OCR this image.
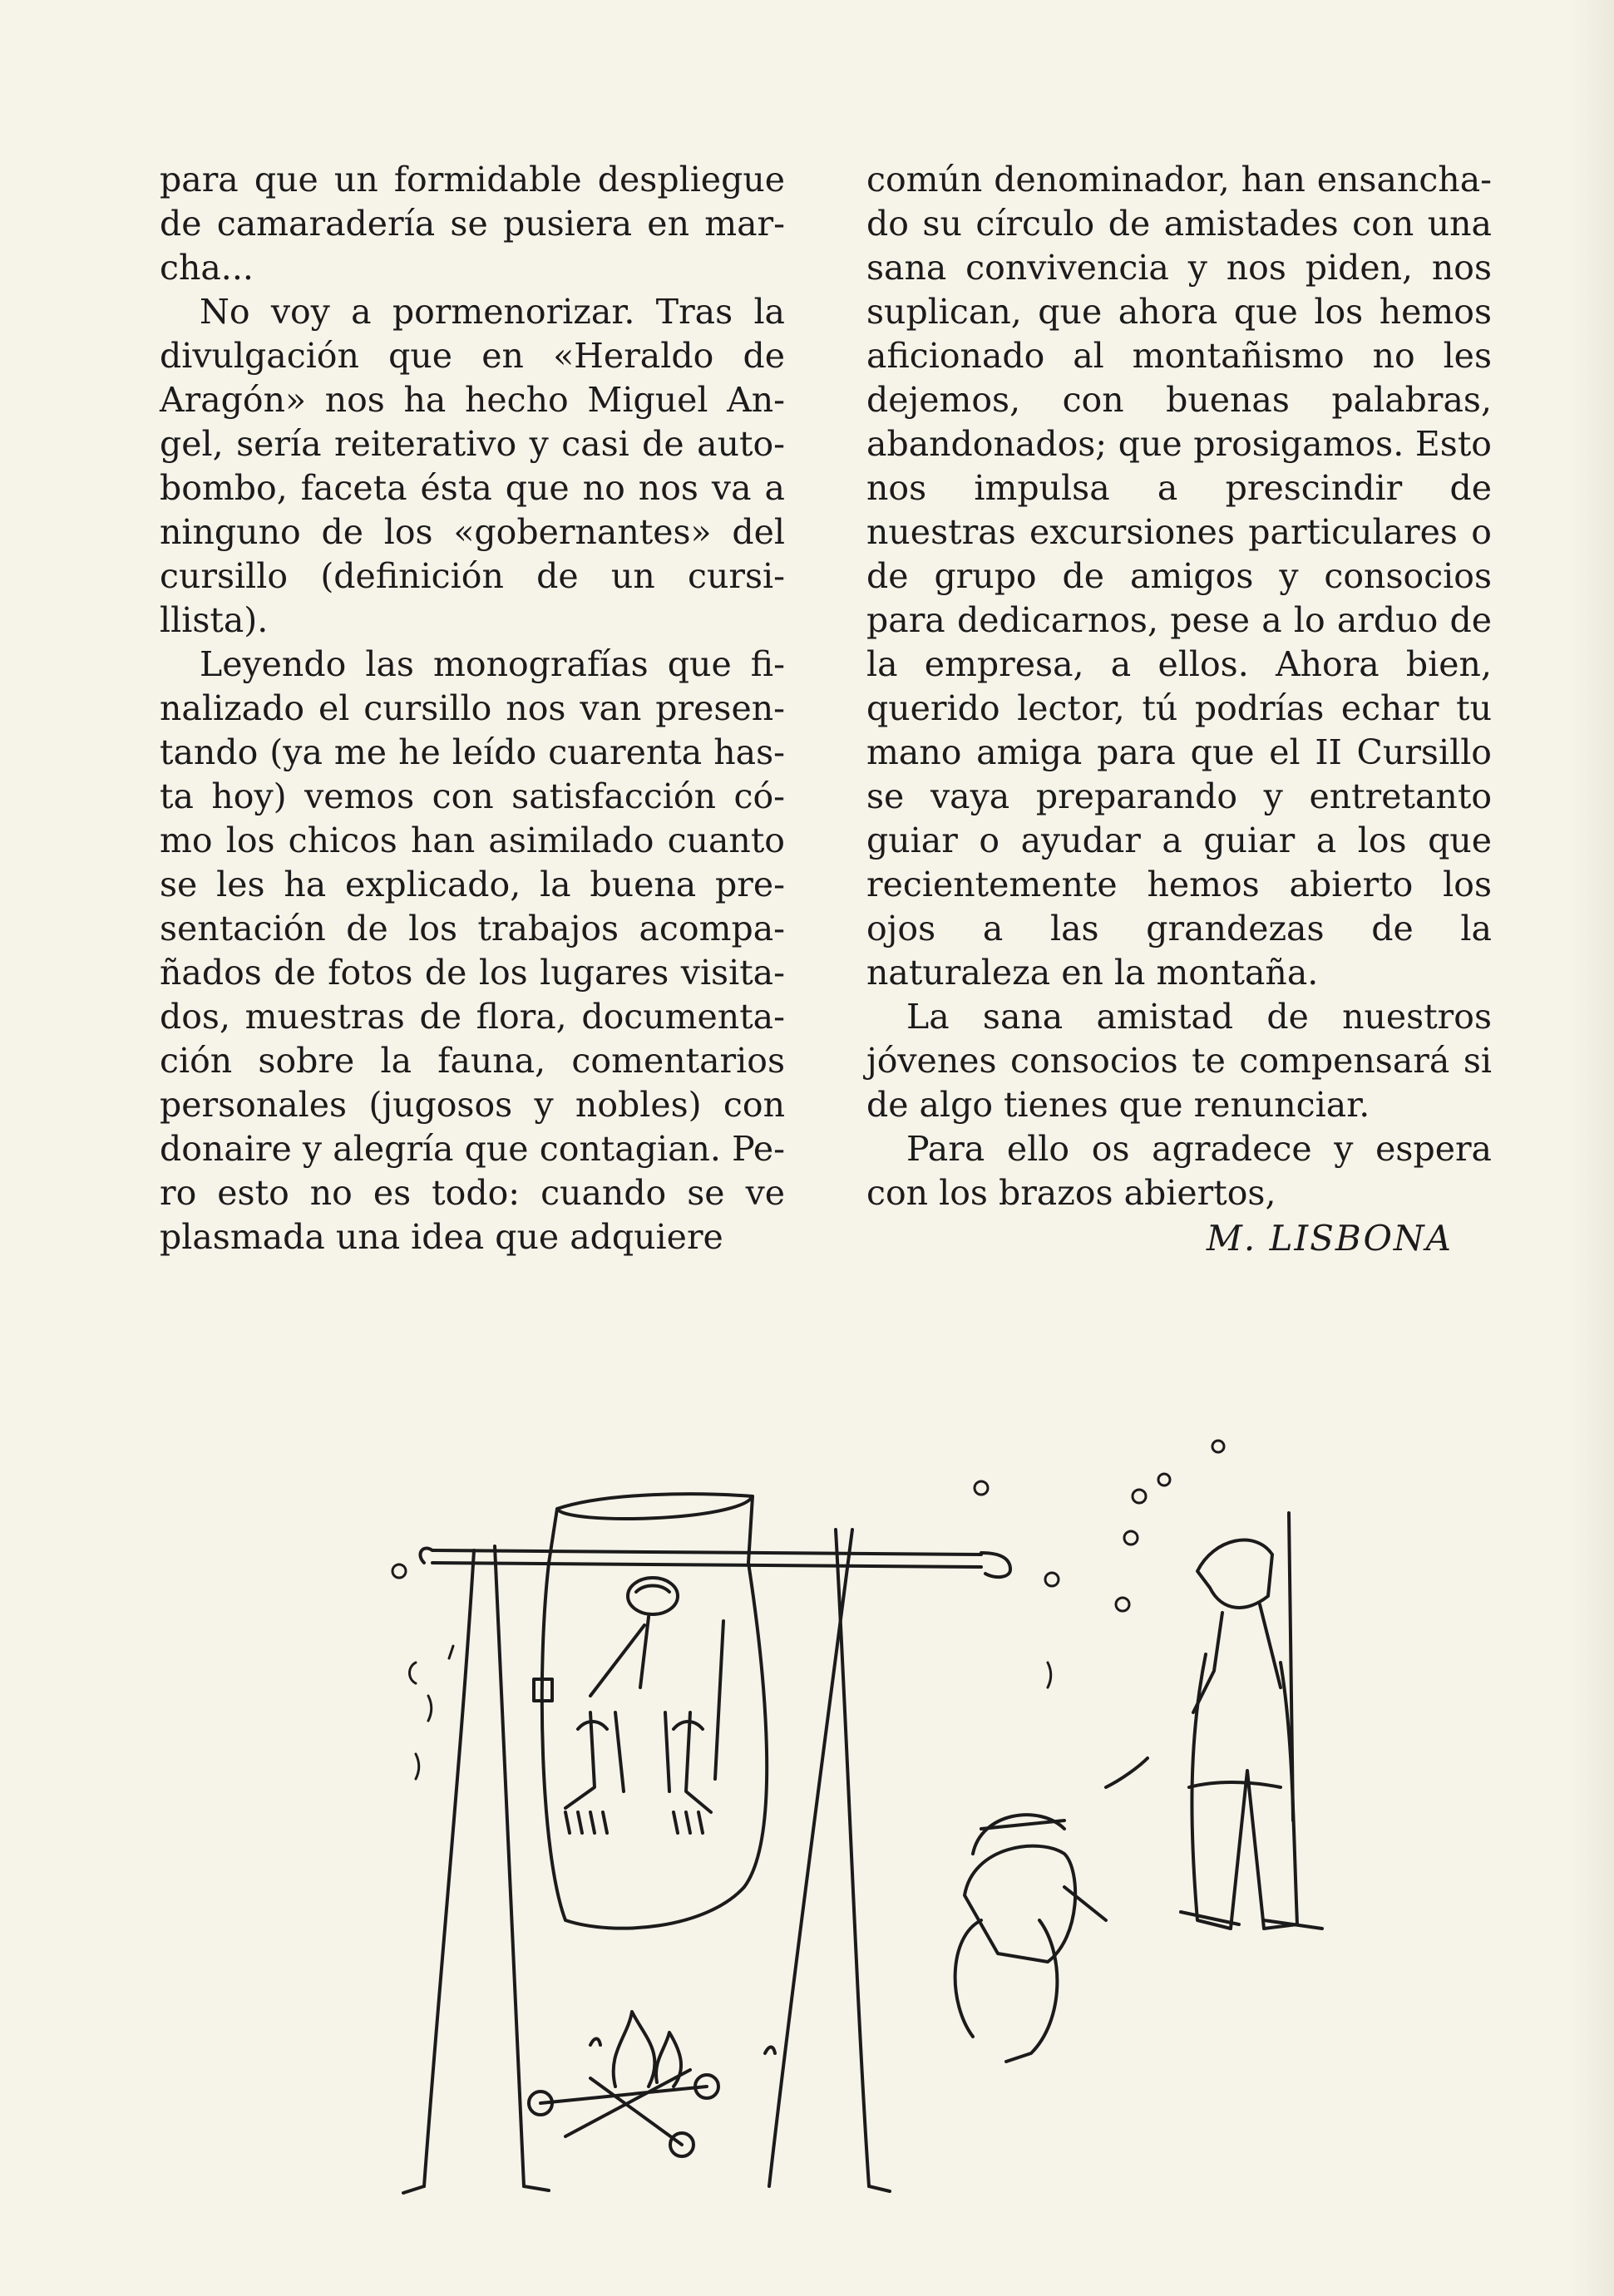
para que un formidable despliegue de camaradería se pusiera en marcha...

No voy a pormenorizar. Tras la divulgación que en «Heraldo de Aragón» nos ha hecho Miguel Angel, sería reiterativo y casi de autobombo, faceta ésta que no nos va a ninguno de los «gobernantes» del cursillo (definición de un cursillista).

Leyendo las monografías que finalizado el cursillo nos van presentando (ya me he leído cuarenta hasta hoy) vemos con satisfacción cómo los chicos han asimilado cuanto se les ha explicado, la buena presentación de los trabajos acompañados de fotos de los lugares visitados, muestras de flora, documentación sobre la fauna, comentarios personales (jugosos y nobles) con donaire y alegría que contagian. Pero esto no es todo: cuando se ve plasmada una idea que adquiere

común denominador, han ensanchado su círculo de amistades con una sana convivencia y nos piden, nos suplican, que ahora que los hemos aficionado al montañismo no les dejemos, con buenas palabras, abandonados; que prosigamos. Esto nos impulsa a prescindir de nuestras excursiones particulares o de grupo de amigos y consocios para dedicarnos, pese a lo arduo de la empresa, a ellos. Ahora bien, querido lector, tú podrías echar tu mano amiga para que el II Cursillo se vaya preparando y entretanto guiar o ayudar a guiar a los que recientemente hemos abierto los ojos a las grandezas de la naturaleza en la montaña.

La sana amistad de nuestros jóvenes consocios te compensará si de algo tienes que renunciar.

Para ello os agradece y espera con los brazos abiertos,

M. LISBONA
